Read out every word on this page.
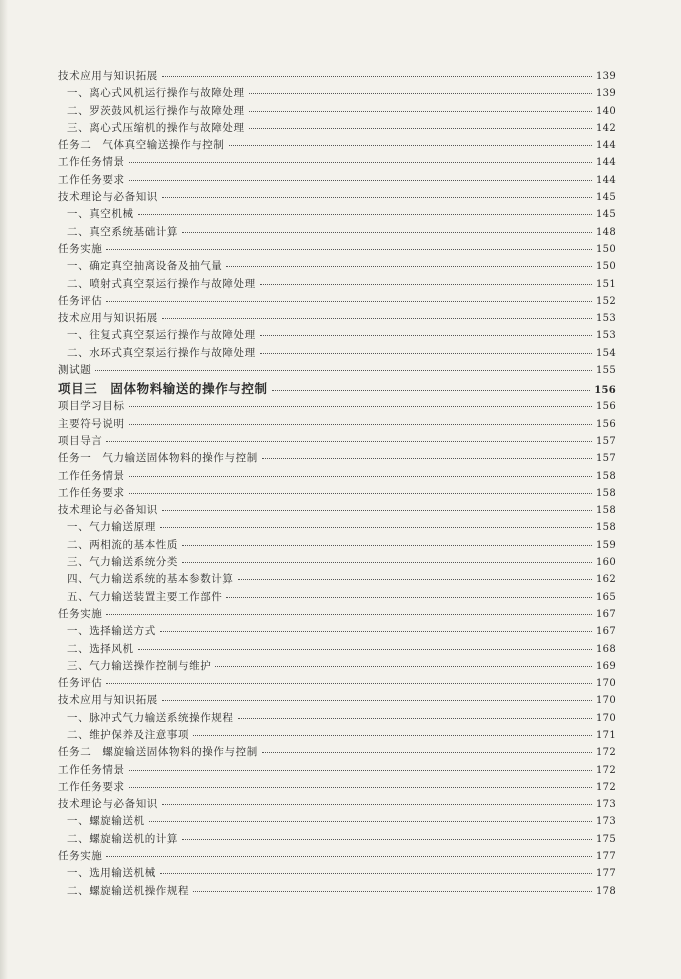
技术应用与知识拓展	139
一、离心式风机运行操作与故障处理	139
二、罗茨鼓风机运行操作与故障处理	140
三、离心式压缩机的操作与故障处理	142
任务二　气体真空输送操作与控制	144
工作任务情景	144
工作任务要求	144
技术理论与必备知识	145
一、真空机械	145
二、真空系统基础计算	148
任务实施	150
一、确定真空抽离设备及抽气量	150
二、喷射式真空泵运行操作与故障处理	151
任务评估	152
技术应用与知识拓展	153
一、往复式真空泵运行操作与故障处理	153
二、水环式真空泵运行操作与故障处理	154
测试题	155
项目三　固体物料输送的操作与控制	156
项目学习目标	156
主要符号说明	156
项目导言	157
任务一　气力输送固体物料的操作与控制	157
工作任务情景	158
工作任务要求	158
技术理论与必备知识	158
一、气力输送原理	158
二、两相流的基本性质	159
三、气力输送系统分类	160
四、气力输送系统的基本参数计算	162
五、气力输送装置主要工作部件	165
任务实施	167
一、选择输送方式	167
二、选择风机	168
三、气力输送操作控制与维护	169
任务评估	170
技术应用与知识拓展	170
一、脉冲式气力输送系统操作规程	170
二、维护保养及注意事项	171
任务二　螺旋输送固体物料的操作与控制	172
工作任务情景	172
工作任务要求	172
技术理论与必备知识	173
一、螺旋输送机	173
二、螺旋输送机的计算	175
任务实施	177
一、选用输送机械	177
二、螺旋输送机操作规程	178
